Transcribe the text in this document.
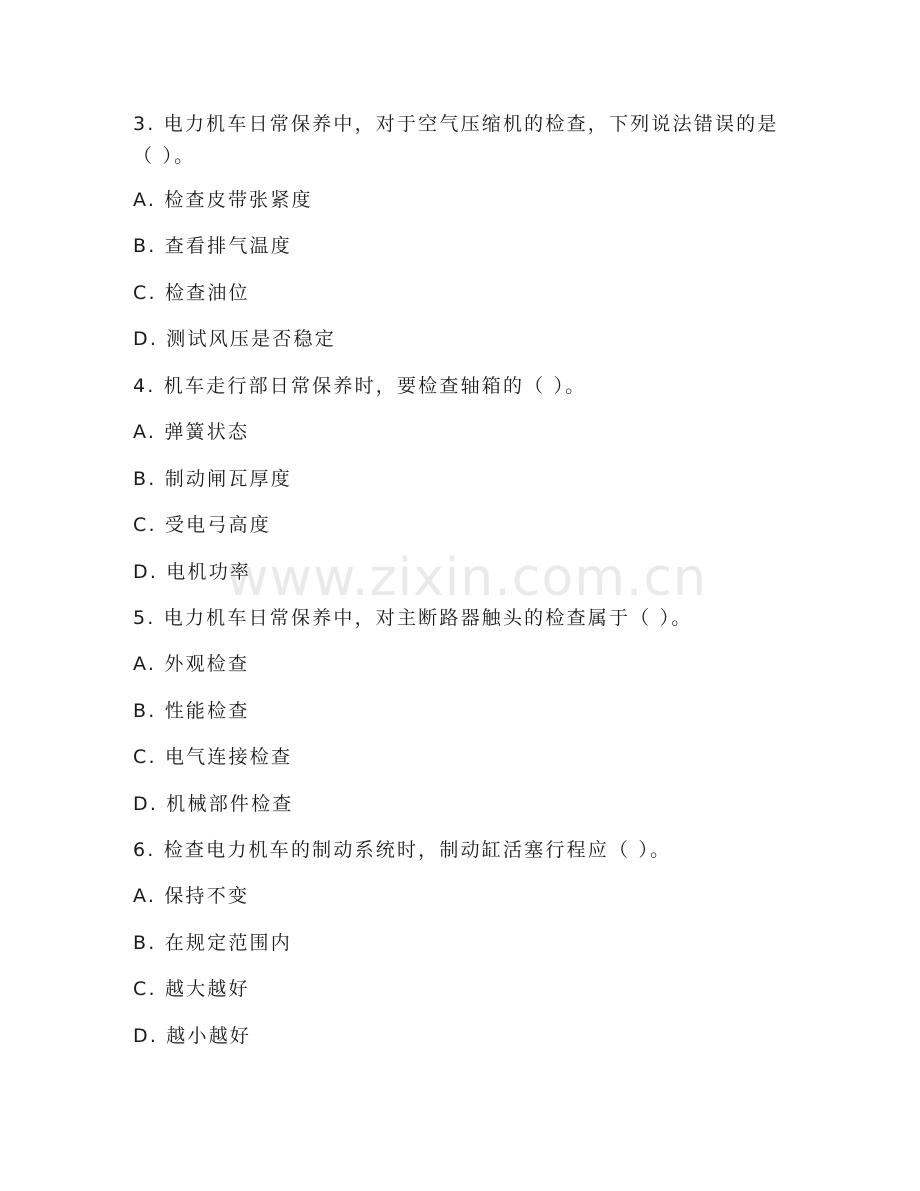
www.zixin.com.cn
3. 电力机车日常保养中，对于空气压缩机的检查，下列说法错误的是
（ ）。
A. 检查皮带张紧度
B. 查看排气温度
C. 检查油位
D. 测试风压是否稳定
4. 机车走行部日常保养时，要检查轴箱的（ ）。
A. 弹簧状态
B. 制动闸瓦厚度
C. 受电弓高度
D. 电机功率
5. 电力机车日常保养中，对主断路器触头的检查属于（ ）。
A. 外观检查
B. 性能检查
C. 电气连接检查
D. 机械部件检查
6. 检查电力机车的制动系统时，制动缸活塞行程应（ ）。
A. 保持不变
B. 在规定范围内
C. 越大越好
D. 越小越好
